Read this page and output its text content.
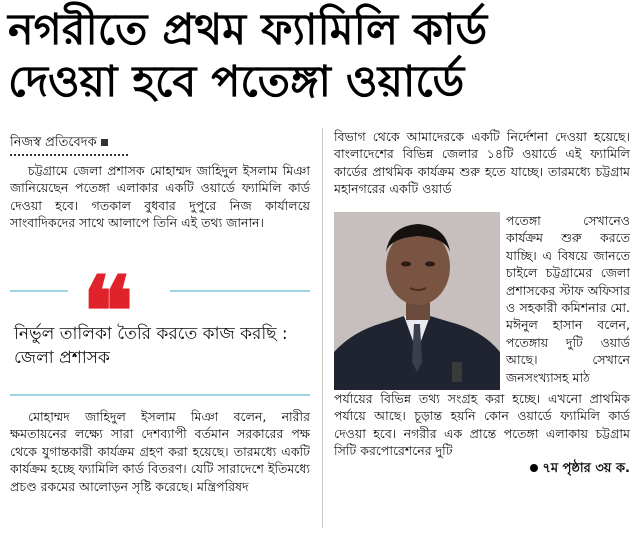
নগরীতে প্রথম ফ্যামিলি কার্ড
দেওয়া হবে পতেঙ্গা ওয়ার্ডে
নিজস্ব প্রতিবেদক

চট্টগ্রামে জেলা প্রশাসক মোহাম্মদ জাহিদুল ইসলাম মিঞা জানিয়েছেন পতেঙ্গা এলাকার একটি ওয়ার্ডে ফ্যামিলি কার্ড দেওয়া হবে। গতকাল বুধবার দুপুরে নিজ কার্যালয়ে সাংবাদিকদের সাথে আলাপে তিনি এই তথ্য জানান।

❝
নির্ভুল তালিকা তৈরি করতে কাজ করছি : জেলা প্রশাসক

মোহাম্মদ জাহিদুল ইসলাম মিঞা বলেন, নারীর ক্ষমতায়নের লক্ষ্যে সারা দেশব্যাপী বর্তমান সরকারের পক্ষ থেকে যুগান্তকারী কার্যক্রম গ্রহণ করা হয়েছে। তারমধ্যে একটি কার্যক্রম হচ্ছে ফ্যামিলি কার্ড বিতরণ। যেটি সারাদেশে ইতিমধ্যে প্রচণ্ড রকমের আলোড়ন সৃষ্টি করেছে। মন্ত্রিপরিষদ

বিভাগ থেকে আমাদেরকে একটি নির্দেশনা দেওয়া হয়েছে। বাংলাদেশের বিভিন্ন জেলার ১৪টি ওয়ার্ডে এই ফ্যামিলি কার্ডের প্রাথমিক কার্যক্রম শুরু হতে যাচ্ছে। তারমধ্যে চট্টগ্রাম মহানগরের একটি ওয়ার্ড

পতেঙ্গা সেখানেও কার্যক্রম শুরু করতে যাচ্ছি। এ বিষয়ে জানতে চাইলে চট্টগ্রামের জেলা প্রশাসকের স্টাফ অফিসার ও সহকারী কমিশনার মো. মঈনুল হাসান বলেন, পতেঙ্গায় দুটি ওয়ার্ড আছে। সেখানে জনসংখ্যাসহ মাঠ

পর্যায়ের বিভিন্ন তথ্য সংগ্রহ করা হচ্ছে। এখনো প্রাথমিক পর্যায়ে আছে। চূড়ান্ত হয়নি কোন ওয়ার্ডে ফ্যামিলি কার্ড দেওয়া হবে। নগরীর এক প্রান্তে পতেঙ্গা এলাকায় চট্টগ্রাম সিটি করপোরেশনের দুটি

৭ম পৃষ্ঠার ৩য় ক.
